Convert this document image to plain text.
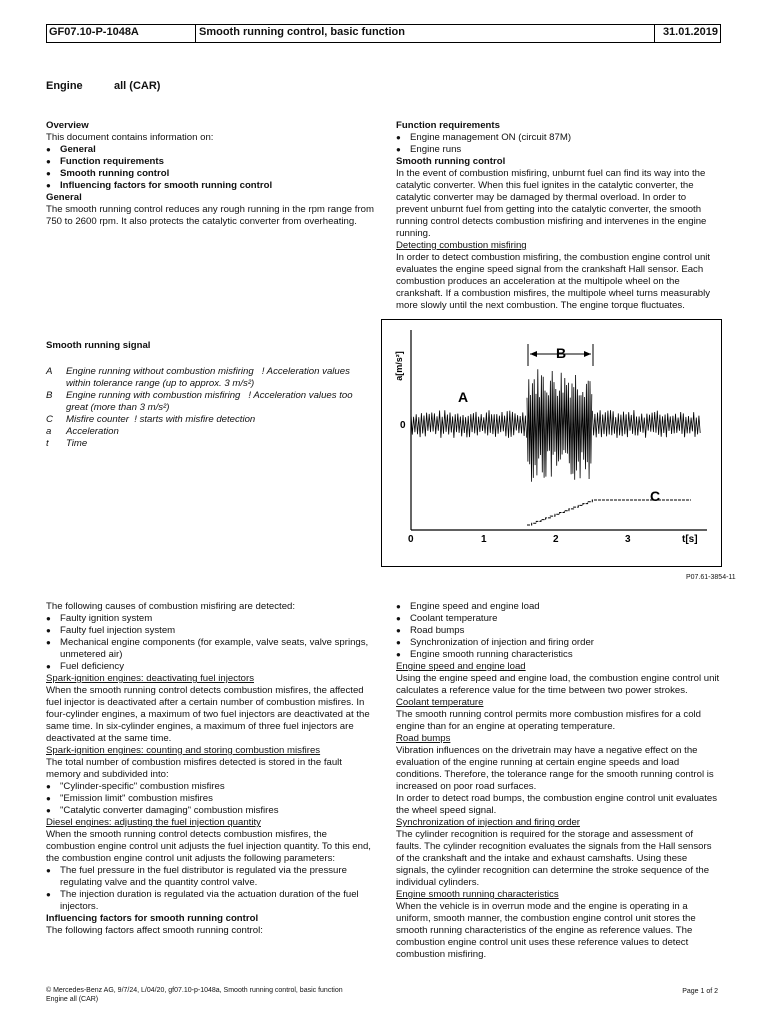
GF07.10-P-1048A	Smooth running control, basic function	31.01.2019
Engine	all (CAR)

Overview

This document contains information on:

● General
● Function requirements
● Smooth running control
● Influencing factors for smooth running control

General

The smooth running control reduces any rough running in the rpm range from 750 to 2600 rpm. It also protects the catalytic converter from overheating.

Smooth running signal
A	Engine running without combustion misfiring   ! Acceleration values within tolerance range (up to approx. 3 m/s²)
B	Engine running with combustion misfiring   ! Acceleration values too great (more than 3 m/s²)
C	Misfire counter  ! starts with misfire detection
a	Acceleration
t	Time

Function requirements

● Engine management ON (circuit 87M)
● Engine runs

Smooth running control

In the event of combustion misfiring, unburnt fuel can find its way into the catalytic converter. When this fuel ignites in the catalytic converter, the catalytic converter may be damaged by thermal overload. In order to prevent unburnt fuel from getting into the catalytic converter, the smooth running control detects combustion misfiring and intervenes in the engine running.

Detecting combustion misfiring

In order to detect combustion misfiring, the combustion engine control unit evaluates the engine speed signal from the crankshaft Hall sensor. Each combustion produces an acceleration at the multipole wheel on the crankshaft. If a combustion misfires, the multipole wheel turns measurably more slowly until the next combustion. The engine torque fluctuates.

a[m/s²]
0
0	1	2	3	t[s]
A
B
C
P07.61-3854-11

The following causes of combustion misfiring are detected:

● Faulty ignition system
● Faulty fuel injection system
● Mechanical engine components (for example, valve seats, valve springs, unmetered air)
● Fuel deficiency

Spark-ignition engines: deactivating fuel injectors

When the smooth running control detects combustion misfires, the affected fuel injector is deactivated after a certain number of combustion misfires. In four-cylinder engines, a maximum of two fuel injectors are deactivated at the same time. In six-cylinder engines, a maximum of three fuel injectors are deactivated at the same time.

Spark-ignition engines: counting and storing combustion misfires

The total number of combustion misfires detected is stored in the fault memory and subdivided into:

● "Cylinder-specific" combustion misfires
● "Emission limit" combustion misfires
● "Catalytic converter damaging" combustion misfires

Diesel engines: adjusting the fuel injection quantity

When the smooth running control detects combustion misfires, the combustion engine control unit adjusts the fuel injection quantity. To this end, the combustion engine control unit adjusts the following parameters:

● The fuel pressure in the fuel distributor is regulated via the pressure regulating valve and the quantity control valve.
● The injection duration is regulated via the actuation duration of the fuel injectors.

Influencing factors for smooth running control

The following factors affect smooth running control:

● Engine speed and engine load
● Coolant temperature
● Road bumps
● Synchronization of injection and firing order
● Engine smooth running characteristics

Engine speed and engine load

Using the engine speed and engine load, the combustion engine control unit calculates a reference value for the time between two power strokes.

Coolant temperature

The smooth running control permits more combustion misfires for a cold engine than for an engine at operating temperature.

Road bumps

Vibration influences on the drivetrain may have a negative effect on the evaluation of the engine running at certain engine speeds and load conditions. Therefore, the tolerance range for the smooth running control is increased on poor road surfaces.

In order to detect road bumps, the combustion engine control unit evaluates the wheel speed signal.

Synchronization of injection and firing order

The cylinder recognition is required for the storage and assessment of faults. The cylinder recognition evaluates the signals from the Hall sensors of the crankshaft and the intake and exhaust camshafts. Using these signals, the cylinder recognition can determine the stroke sequence of the individual cylinders.

Engine smooth running characteristics

When the vehicle is in overrun mode and the engine is operating in a uniform, smooth manner, the combustion engine control unit stores the smooth running characteristics of the engine as reference values. The combustion engine control unit uses these reference values to detect combustion misfiring.

© Mercedes-Benz AG, 9/7/24, L/04/20, gf07.10-p-1048a, Smooth running control, basic function
Engine all (CAR)
Page 1 of 2
